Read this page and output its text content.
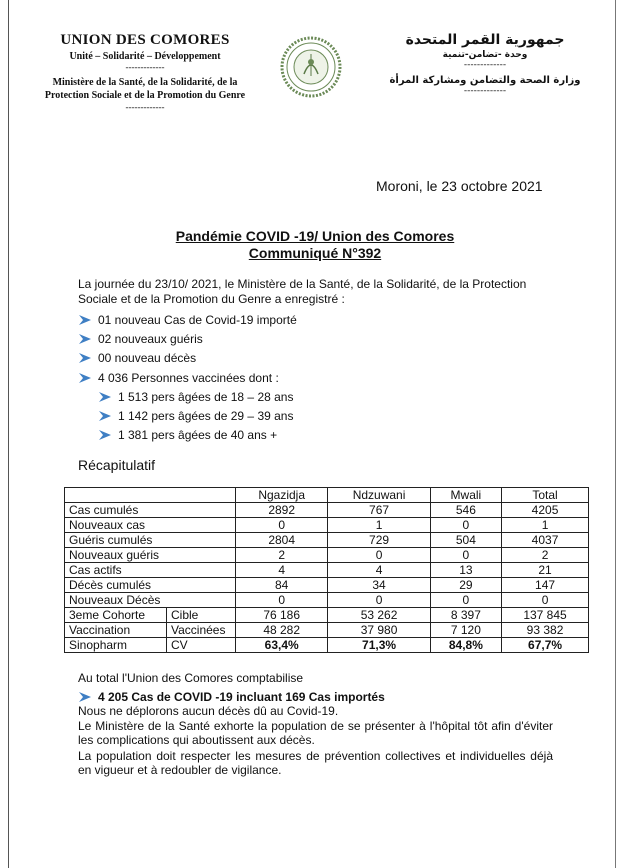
UNION DES COMORES
Unité – Solidarité – Développement
-------------
Ministère de la Santé, de la Solidarité, de la
Protection Sociale et de la Promotion du Genre
-------------
جمهورية القمر المتحدة
وحدة -تضامن-تنمية
-------------
وزارة الصحة والتضامن ومشاركة المرأة
-------------
Moroni, le 23 octobre 2021
Pandémie COVID -19/ Union des Comores
Communiqué N°392
La journée du 23/10/ 2021, le Ministère de la Santé, de la Solidarité, de la Protection Sociale et de la Promotion du Genre a enregistré :
01 nouveau Cas de Covid-19 importé
02 nouveaux guéris
00 nouveau décès
4 036 Personnes vaccinées dont :
1 513 pers âgées de 18 – 28 ans
1 142 pers âgées de 29 – 39 ans
1 381 pers âgées de 40 ans +
Récapitulatif
		Ngazidja	Ndzuwani	Mwali	Total
Cas cumulés		2892	767	546	4205
Nouveaux cas		0	1	0	1
Guéris cumulés		2804	729	504	4037
Nouveaux guéris		2	0	0	2
Cas actifs		4	4	13	21
Décès cumulés		84	34	29	147
Nouveaux Décès		0	0	0	0
3eme Cohorte	Cible	76 186	53 262	8 397	137 845
Vaccination	Vaccinées	48 282	37 980	7 120	93 382
Sinopharm	CV	63,4%	71,3%	84,8%	67,7%
Au total l'Union des Comores comptabilise
4 205 Cas de COVID -19 incluant 169 Cas importés
Nous ne déplorons aucun décès dû au Covid-19.
Le Ministère de la Santé exhorte la population de se présenter à l'hôpital tôt afin d'éviter les complications qui aboutissent aux décès.
La population doit respecter les mesures de prévention collectives et individuelles déjà en vigueur et à redoubler de vigilance.
